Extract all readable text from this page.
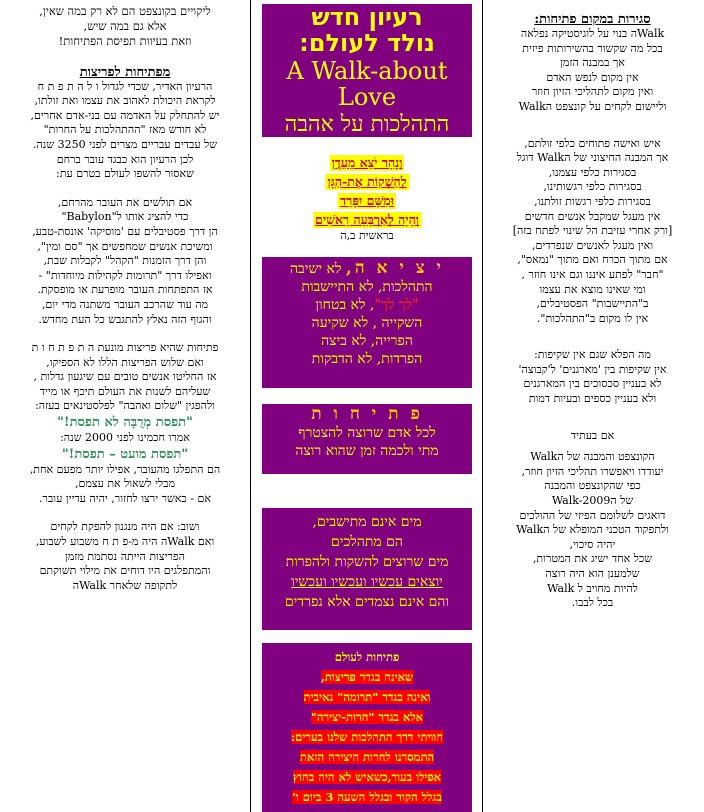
ליקויים בקונצפט הם לא רק במה שאין,

אלא גם במה שיש,

וזאת בעיוות תפיסת הפתיחות!

מפתיחות לפריצות

הרעיון האדיר, שכדי לגדול ו ל ה ת פ ת ח

לקראת היכולת לאהוב את עצמו ואת זולתו,

יש להתחלק על האדמה עם בני-אדם אחרים,

לא חודש מאז "ההתהלכות על החרות"

של עבדים עבריים מצרים לפני 3250 שנה.

לכן הרעיון הוא כבגד עובר ברחם

שאסור להשפו לעולם בטרם עת:

אם תולשים את העובר מהרחם,

כדי להציג אותו ל"Babylon"

הן דרך פסטיבלים עם 'מוסיקה' אונסת-טבע,

ומשיכת אנשים שמחפשים אך "סם ומין",

והן דרך הזמנות "הקהל" לקבלות שבת,

ואפילו דרך "תרומות לקהילות מיוחדות" -

אז התפתחות העובר מופרעת או מופסקת.

מה עוד שהרכב העובר משתנה מדי יום,

והגוף הזה נאלץ להתגבש כל העת מחדש.

פתיחות שהיא פריצות מונעת ה ת פ ת ח ו ת

ואם שלוש הפריצות הללו לא הספיקו,

אז החליטו אנשים טובים עם שיגעון גדלות ,

שעליהם לשנות את העולם תיכף או מייד

ולהפגין "שלום ואהבה" לפלסטינאים בעזה:

"תפסת מְרֻבָּה לא תפסת!"

אמרו חכמינו לפני 2000 שנה:

"תפסת מועט – תפסת!"

הם התפלגו מהעובר, אפילו יותר מפעם אחת,

מבלי לשאול את עצמם,

אם - כאשר ירצו לחזור, יהיה עדיין עובר.

ושוב: אם היה מנגנון להפקת לקחים

ואם Walkה היה מ-פ ת ח משבוע לשבוע,

הפריצות הייתה נסתמת מזמן

והמתפלגים היו דוחים את מילוי תשוקתם

לתקופה שלאחר Walkה

רעיון חדש

נולד לעולם:

A Walk-about Love

התהלכות על אהבה

וְנָהָר יֹצֵא מֵעֵדֶן

לְהַשְׁקוֹת אֶת-הַגָּן

וּמִשָּׁם יִפָּרֵד

וְהָיָה לְאַרְבָּעָה רָאשִׁים

בראשית ב,ה

י צ י א ה, לא ישיבה

התהלכות, לא התיישבות

"לך לך", לא בטחון

השקייה , לא שקיעה

הפרייה, לא ביצה

הפרדות, לא הדבקות

פ ת י ח ו ת

לכל אדם שרוצה להצטרף

מתי ולכמה זמן שהוא רוצה

מים אינם מתישבים,

הם מתהלכים

מים שרוצים להשקות ולהפרות

יוצאים עכשיו ועכשיו ועכשיו

והם אינם נצמדים אלא נפרדים

פתיחות לעולם

שאינה בגדר פריצות,

ואינה בגדר "תרומה" נאיבית

אלא בגדר "חרות-יצירה"

חוויתי דרך התהלכות שלנו בערים:

התמסרנו לחרות היצירה הזאת

אפילו בעוד,כשאיש לא היה בחוץ

בגלל הקור ובגלל השעה 3 ביום ו'

סגירות במקום פתיחות:

Walkה בנוי על לוגיסטיקה נפלאה

בכל מה שקשור בהשירותות פיזית

אך במבנה הזמן

אין מקום לנפש האדם

ואין מקום לתהליכי הזיון חוזר

וליישום לקחים על קונצפט הWalk

איש ואישה פתוחים כלפי זולתם,

אך המבנה החיצוני של הWalk דוגל

בסגירות כלפי עצמנו,

בסגירות כלפי רגשותינו,

בסגירות כלפי רגשות זולתנו,

אין מעגל שמקבל אנשים חדשים

[ורק אחרי עזיבת הל שינוי לפתח בזה]

ואין מעגל לאנשים שנפרדים,

אם מתוך הכרח ואם מתוך "נמאס",

"חבר" לפתע איננו וגם אינו חוזר ,

ומי שאינו מוצא את עצמו

ב"התיישבות" הפסטיבלים,

אין לו מקום ב"התהלכות".

מה הפלא שגם אין שקיפות:

אין שקיפות בין 'מארגנים' ל'קבוצה'

לא בעניין סכסוכים בין המארגנים

ולא בעניין כספים ובעיות דמות

אם בעתיד

הקונצפט והמבנה של הWalk

יעודדו ויאפשרו תהליכי הזיון חוזר,

כפי שהקונצפט והמבנה

של הWalk-2009

דואגים לשלומם הפיזי של ההולכים

ולתפקוד הטכני המופלא של הWalk

יהיה סיכוי,

שכל אחד ישיג את המטרות,

שלמענן הוא היה רוצה

להיות מחויב ל Walk

בכל לבבו.
